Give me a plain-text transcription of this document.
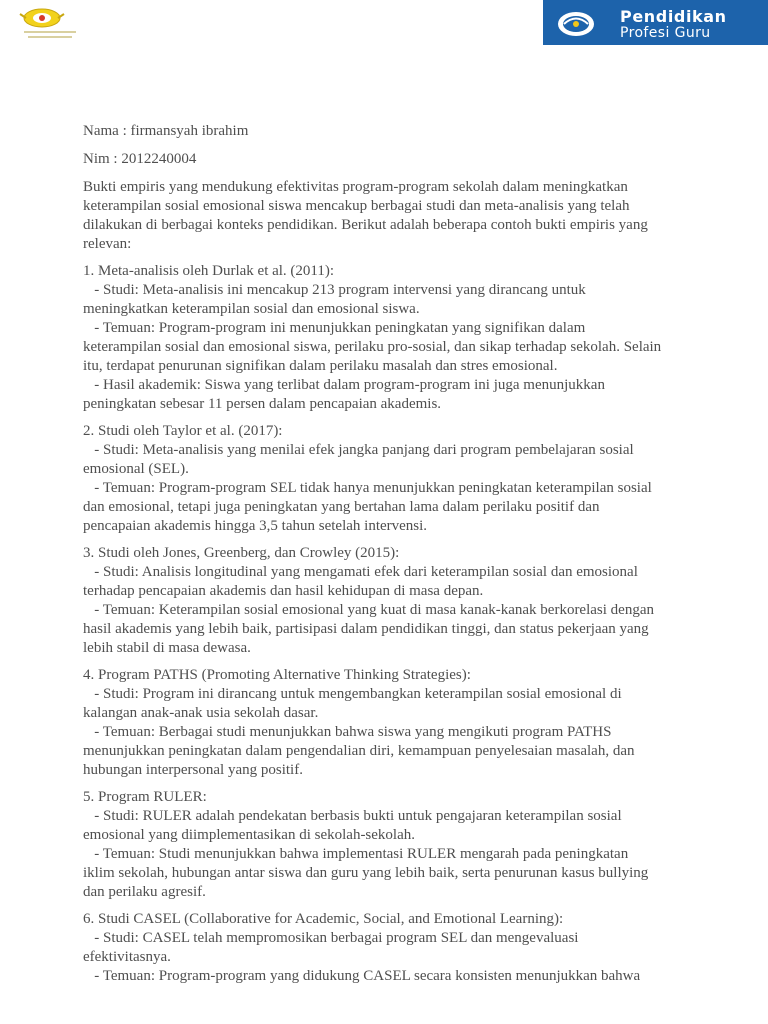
Pendidikan
Profesi Guru
Nama : firmansyah ibrahim
Nim : 2012240004
Bukti empiris yang mendukung efektivitas program-program sekolah dalam meningkatkan
keterampilan sosial emosional siswa mencakup berbagai studi dan meta-analisis yang telah
dilakukan di berbagai konteks pendidikan. Berikut adalah beberapa contoh bukti empiris yang
relevan:
1. Meta-analisis oleh Durlak et al. (2011):
- Studi: Meta-analisis ini mencakup 213 program intervensi yang dirancang untuk
meningkatkan keterampilan sosial dan emosional siswa.
- Temuan: Program-program ini menunjukkan peningkatan yang signifikan dalam
keterampilan sosial dan emosional siswa, perilaku pro-sosial, dan sikap terhadap sekolah. Selain
itu, terdapat penurunan signifikan dalam perilaku masalah dan stres emosional.
- Hasil akademik: Siswa yang terlibat dalam program-program ini juga menunjukkan
peningkatan sebesar 11 persen dalam pencapaian akademis.
2. Studi oleh Taylor et al. (2017):
- Studi: Meta-analisis yang menilai efek jangka panjang dari program pembelajaran sosial
emosional (SEL).
- Temuan: Program-program SEL tidak hanya menunjukkan peningkatan keterampilan sosial
dan emosional, tetapi juga peningkatan yang bertahan lama dalam perilaku positif dan
pencapaian akademis hingga 3,5 tahun setelah intervensi.
3. Studi oleh Jones, Greenberg, dan Crowley (2015):
- Studi: Analisis longitudinal yang mengamati efek dari keterampilan sosial dan emosional
terhadap pencapaian akademis dan hasil kehidupan di masa depan.
- Temuan: Keterampilan sosial emosional yang kuat di masa kanak-kanak berkorelasi dengan
hasil akademis yang lebih baik, partisipasi dalam pendidikan tinggi, dan status pekerjaan yang
lebih stabil di masa dewasa.
4. Program PATHS (Promoting Alternative Thinking Strategies):
- Studi: Program ini dirancang untuk mengembangkan keterampilan sosial emosional di
kalangan anak-anak usia sekolah dasar.
- Temuan: Berbagai studi menunjukkan bahwa siswa yang mengikuti program PATHS
menunjukkan peningkatan dalam pengendalian diri, kemampuan penyelesaian masalah, dan
hubungan interpersonal yang positif.
5. Program RULER:
- Studi: RULER adalah pendekatan berbasis bukti untuk pengajaran keterampilan sosial
emosional yang diimplementasikan di sekolah-sekolah.
- Temuan: Studi menunjukkan bahwa implementasi RULER mengarah pada peningkatan
iklim sekolah, hubungan antar siswa dan guru yang lebih baik, serta penurunan kasus bullying
dan perilaku agresif.
6. Studi CASEL (Collaborative for Academic, Social, and Emotional Learning):
- Studi: CASEL telah mempromosikan berbagai program SEL dan mengevaluasi
efektivitasnya.
- Temuan: Program-program yang didukung CASEL secara konsisten menunjukkan bahwa
